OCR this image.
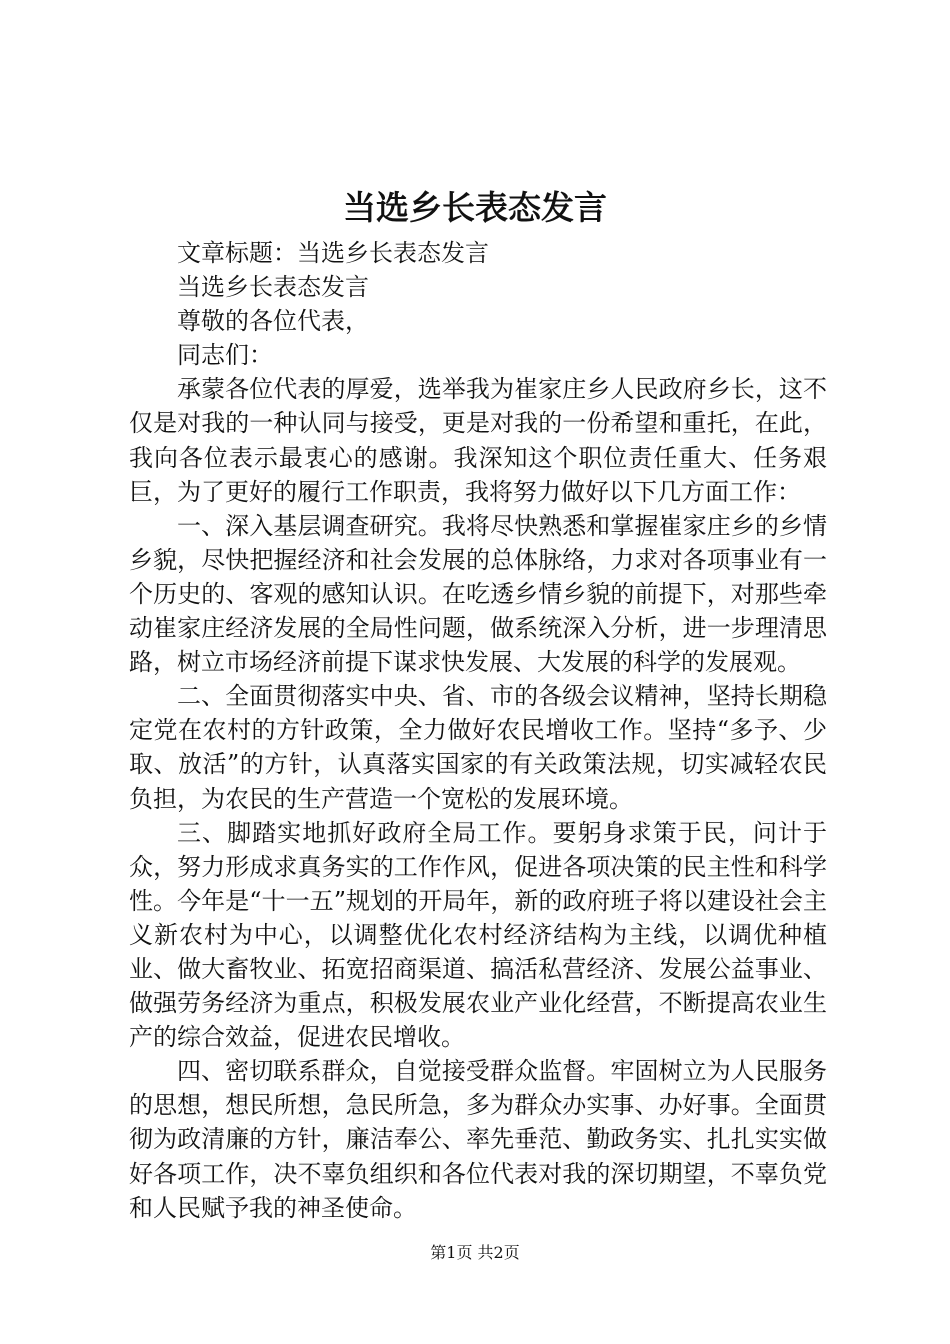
当选乡长表态发言

文章标题：当选乡长表态发言

当选乡长表态发言

尊敬的各位代表，

同志们：

承蒙各位代表的厚爱，选举我为崔家庄乡人民政府乡长，这不仅是对我的一种认同与接受，更是对我的一份希望和重托，在此，我向各位表示最衷心的感谢。我深知这个职位责任重大、任务艰巨，为了更好的履行工作职责，我将努力做好以下几方面工作：

一、深入基层调查研究。我将尽快熟悉和掌握崔家庄乡的乡情乡貌，尽快把握经济和社会发展的总体脉络，力求对各项事业有一个历史的、客观的感知认识。在吃透乡情乡貌的前提下，对那些牵动崔家庄经济发展的全局性问题，做系统深入分析，进一步理清思路，树立市场经济前提下谋求快发展、大发展的科学的发展观。

二、全面贯彻落实中央、省、市的各级会议精神，坚持长期稳定党在农村的方针政策，全力做好农民增收工作。坚持“多予、少取、放活”的方针，认真落实国家的有关政策法规，切实减轻农民负担，为农民的生产营造一个宽松的发展环境。

三、脚踏实地抓好政府全局工作。要躬身求策于民，问计于众，努力形成求真务实的工作作风，促进各项决策的民主性和科学性。今年是“十一五”规划的开局年，新的政府班子将以建设社会主义新农村为中心，以调整优化农村经济结构为主线，以调优种植业、做大畜牧业、拓宽招商渠道、搞活私营经济、发展公益事业、做强劳务经济为重点，积极发展农业产业化经营，不断提高农业生产的综合效益，促进农民增收。

四、密切联系群众，自觉接受群众监督。牢固树立为人民服务的思想，想民所想，急民所急，多为群众办实事、办好事。全面贯彻为政清廉的方针，廉洁奉公、率先垂范、勤政务实、扎扎实实做好各项工作，决不辜负组织和各位代表对我的深切期望，不辜负党和人民赋予我的神圣使命。

第1页 共2页
